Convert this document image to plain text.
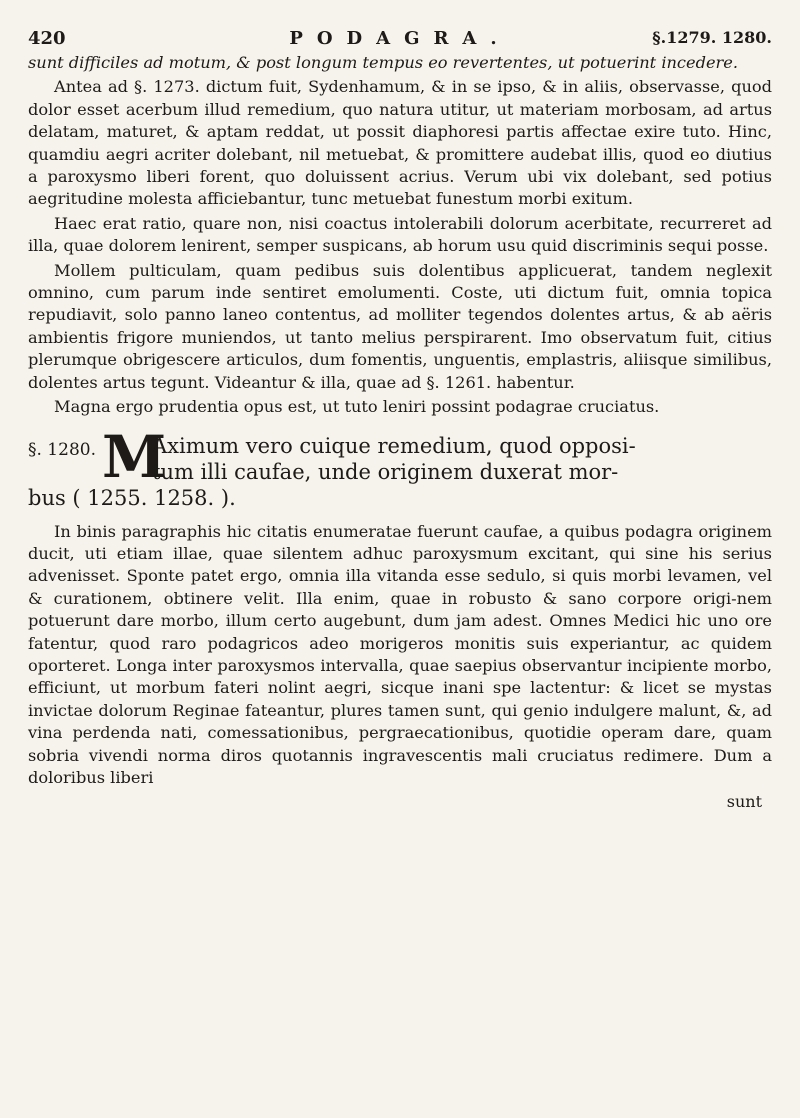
420	PODAGRA.	§.1279. 1280.

sunt difficiles ad motum, & post longum tempus eo revertentes, ut potuerint incedere.

Antea ad §. 1273. dictum fuit, Sydenhamum, & in se ipso, & in aliis, observasse, quod dolor esset acerbum illud remedium, quo natura utitur, ut materiam morbosam, ad artus delatam, maturet, & aptam reddat, ut possit diaphoresi partis affectae exire tuto. Hinc, quamdiu aegri acriter dolebant, nil metuebat, & promittere audebat illis, quod eo diutius a paroxysmo liberi forent, quo doluissent acrius. Verum ubi vix dolebant, sed potius aegritudine molesta afficiebantur, tunc metuebat funestum morbi exitum.

Haec erat ratio, quare non, nisi coactus intolerabili dolorum acerbitate, recurreret ad illa, quae dolorem lenirent, semper suspicans, ab horum usu quid discriminis sequi posse.

Mollem pulticulam, quam pedibus suis dolentibus applicuerat, tandem neglexit omnino, cum parum inde sentiret emolumenti. Coste, uti dictum fuit, omnia topica repudiavit, solo panno laneo contentus, ad molliter tegendos dolentes artus, & ab aëris ambientis frigore muniendos, ut tanto melius perspirarent. Imo observatum fuit, citius plerumque obrigescere articulos, dum fomentis, unguentis, emplastris, aliisque similibus, dolentes artus tegunt. Videantur & illa, quae ad §. 1261. habentur.

Magna ergo prudentia opus est, ut tuto leniri possint podagrae cruciatus.

§. 1280. M
Aximum vero cuique remedium, quod opposi-
tum illi caufae, unde originem duxerat mor-

bus ( 1255. 1258. ).

In binis paragraphis hic citatis enumeratae fuerunt caufae, a quibus podagra originem ducit, uti etiam illae, quae silentem adhuc paroxysmum excitant, qui sine his serius advenisset. Sponte patet ergo, omnia illa vitanda esse sedulo, si quis morbi levamen, vel & curationem, obtinere velit. Illa enim, quae in robusto & sano corpore origi-nem potuerunt dare morbo, illum certo augebunt, dum jam adest. Omnes Medici hic uno ore fatentur, quod raro podagricos adeo morigeros monitis suis experiantur, ac quidem oporteret. Longa inter paroxysmos intervalla, quae saepius observantur incipiente morbo, efficiunt, ut morbum fateri nolint aegri, sicque inani spe lactentur: & licet se mystas invictae dolorum Reginae fateantur, plures tamen sunt, qui genio indulgere malunt, &, ad vina perdenda nati, comessationibus, pergraecationibus, quotidie operam dare, quam sobria vivendi norma diros quotannis ingravescentis mali cruciatus redimere. Dum a doloribus liberi

sunt
